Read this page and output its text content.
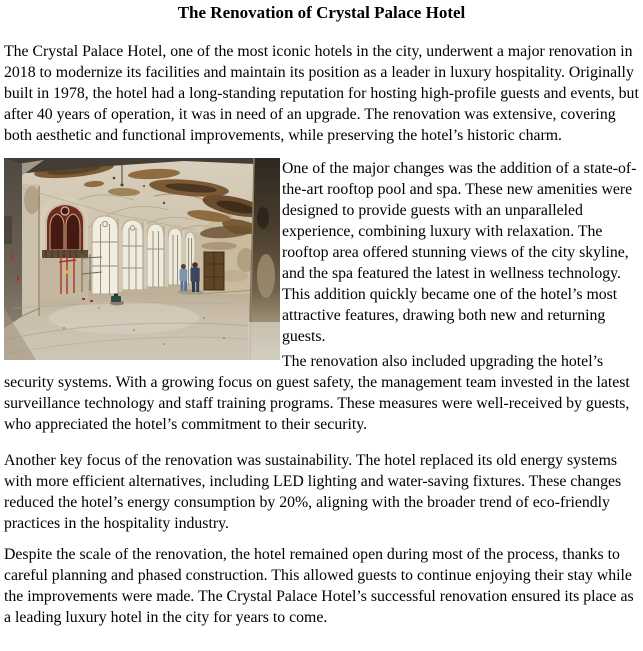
The Renovation of Crystal Palace Hotel

The Crystal Palace Hotel, one of the most iconic hotels in the city, underwent a major renovation in 2018 to modernize its facilities and maintain its position as a leader in luxury hospitality. Originally built in 1978, the hotel had a long-standing reputation for hosting high-profile guests and events, but after 40 years of operation, it was in need of an upgrade. The renovation was extensive, covering both aesthetic and functional improvements, while preserving the hotel’s historic charm.

One of the major changes was the addition of a state-of-the-art rooftop pool and spa. These new amenities were designed to provide guests with an unparalleled experience, combining luxury with relaxation. The rooftop area offered stunning views of the city skyline, and the spa featured the latest in wellness technology. This addition quickly became one of the hotel’s most attractive features, drawing both new and returning guests.

The renovation also included upgrading the hotel’s security systems. With a growing focus on guest safety, the management team invested in the latest surveillance technology and staff training programs. These measures were well-received by guests, who appreciated the hotel’s commitment to their security.

Another key focus of the renovation was sustainability. The hotel replaced its old energy systems with more efficient alternatives, including LED lighting and water-saving fixtures. These changes reduced the hotel’s energy consumption by 20%, aligning with the broader trend of eco-friendly practices in the hospitality industry.

Despite the scale of the renovation, the hotel remained open during most of the process, thanks to careful planning and phased construction. This allowed guests to continue enjoying their stay while the improvements were made. The Crystal Palace Hotel’s successful renovation ensured its place as a leading luxury hotel in the city for years to come.
